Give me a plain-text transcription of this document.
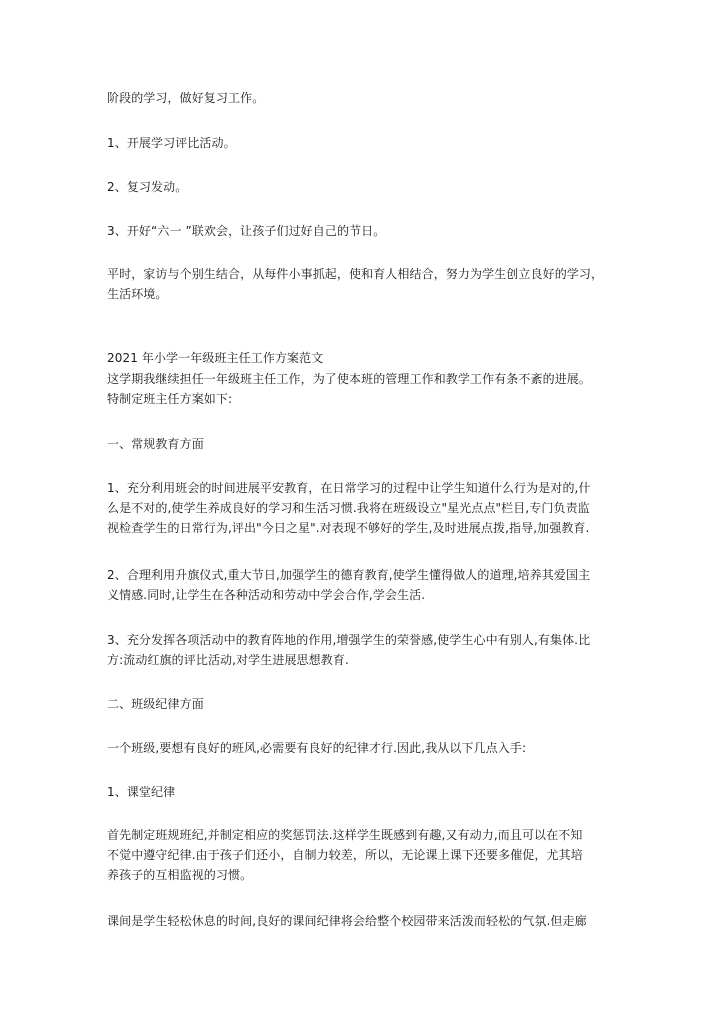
阶段的学习，做好复习工作。

1、开展学习评比活动。

2、复习发动。

3、开好“六一 ”联欢会，让孩子们过好自己的节日。

平时，家访与个别生结合，从每件小事抓起，使和育人相结合，努力为学生创立良好的学习，
生活环境。

2021 年小学一年级班主任工作方案范文

这学期我继续担任一年级班主任工作，为了使本班的管理工作和教学工作有条不紊的进展。
特制定班主任方案如下:

一、常规教育方面

1、充分利用班会的时间进展平安教育，在日常学习的过程中让学生知道什么行为是对的,什
么是不对的,使学生养成良好的学习和生活习惯.我将在班级设立"星光点点"栏目,专门负责监
视检查学生的日常行为,评出"今日之星".对表现不够好的学生,及时进展点拨,指导,加强教育.

2、合理利用升旗仪式,重大节日,加强学生的德育教育,使学生懂得做人的道理,培养其爱国主
义情感.同时,让学生在各种活动和劳动中学会合作,学会生活.

3、充分发挥各项活动中的教育阵地的作用,增强学生的荣誉感,使学生心中有别人,有集体.比
方:流动红旗的评比活动,对学生进展思想教育.

二、班级纪律方面

一个班级,要想有良好的班风,必需要有良好的纪律才行.因此,我从以下几点入手:

1、课堂纪律

首先制定班规班纪,并制定相应的奖惩罚法.这样学生既感到有趣,又有动力,而且可以在不知
不觉中遵守纪律.由于孩子们还小，自制力较差，所以，无论课上课下还要多催促，尤其培
养孩子的互相监视的习惯。

课间是学生轻松休息的时间,良好的课间纪律将会给整个校园带来活泼而轻松的气氛.但走廊
